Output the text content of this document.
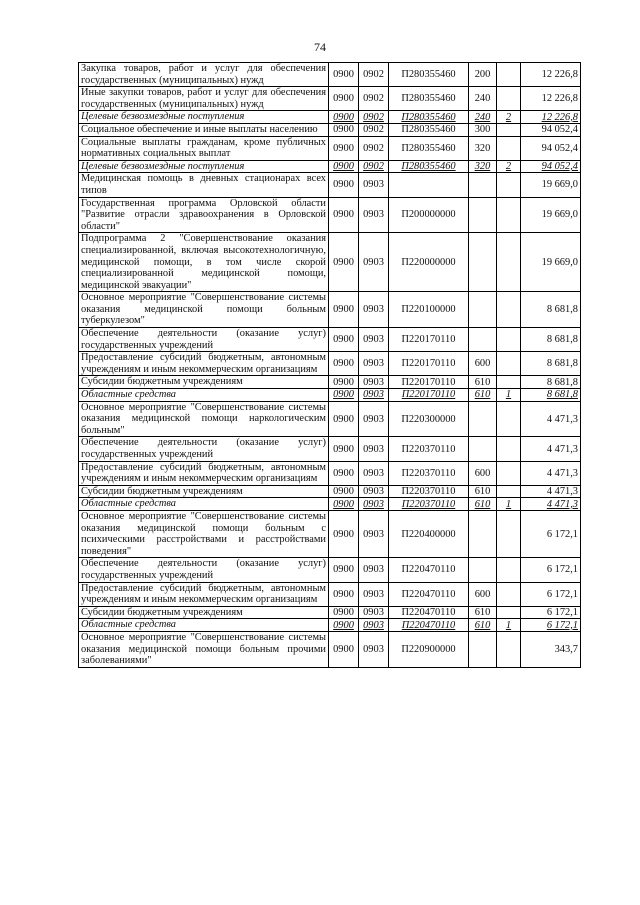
74
Закупка товаров, работ и услуг для обеспечения государственных (муниципальных) нужд	0900	0902	П280355460	200		12 226,8
Иные закупки товаров, работ и услуг для обеспечения государственных (муниципальных) нужд	0900	0902	П280355460	240		12 226,8
Целевые безвозмездные поступления	0900	0902	П280355460	240	2	12 226,8
Социальное обеспечение и иные выплаты населению	0900	0902	П280355460	300		94 052,4
Социальные выплаты гражданам, кроме публичных нормативных социальных выплат	0900	0902	П280355460	320		94 052,4
Целевые безвозмездные поступления	0900	0902	П280355460	320	2	94 052,4
Медицинская помощь в дневных стационарах всех типов	0900	0903				19 669,0
Государственная программа Орловской области "Развитие отрасли здравоохранения в Орловской области"	0900	0903	П200000000			19 669,0
Подпрограмма 2 "Совершенствование оказания специализированной, включая высокотехнологичную, медицинской помощи, в том числе скорой специализированной медицинской помощи, медицинской эвакуации"	0900	0903	П220000000			19 669,0
Основное мероприятие "Совершенствование системы оказания медицинской помощи больным туберкулезом"	0900	0903	П220100000			8 681,8
Обеспечение деятельности (оказание услуг) государственных учреждений	0900	0903	П220170110			8 681,8
Предоставление субсидий бюджетным, автономным учреждениям и иным некоммерческим организациям	0900	0903	П220170110	600		8 681,8
Субсидии бюджетным учреждениям	0900	0903	П220170110	610		8 681,8
Областные средства	0900	0903	П220170110	610	1	8 681,8
Основное мероприятие "Совершенствование системы оказания медицинской помощи наркологическим больным"	0900	0903	П220300000			4 471,3
Обеспечение деятельности (оказание услуг) государственных учреждений	0900	0903	П220370110			4 471,3
Предоставление субсидий бюджетным, автономным учреждениям и иным некоммерческим организациям	0900	0903	П220370110	600		4 471,3
Субсидии бюджетным учреждениям	0900	0903	П220370110	610		4 471,3
Областные средства	0900	0903	П220370110	610	1	4 471,3
Основное мероприятие "Совершенствование системы оказания медицинской помощи больным с психическими расстройствами и расстройствами поведения"	0900	0903	П220400000			6 172,1
Обеспечение деятельности (оказание услуг) государственных учреждений	0900	0903	П220470110			6 172,1
Предоставление субсидий бюджетным, автономным учреждениям и иным некоммерческим организациям	0900	0903	П220470110	600		6 172,1
Субсидии бюджетным учреждениям	0900	0903	П220470110	610		6 172,1
Областные средства	0900	0903	П220470110	610	1	6 172,1
Основное мероприятие "Совершенствование системы оказания медицинской помощи больным прочими заболеваниями"	0900	0903	П220900000			343,7
